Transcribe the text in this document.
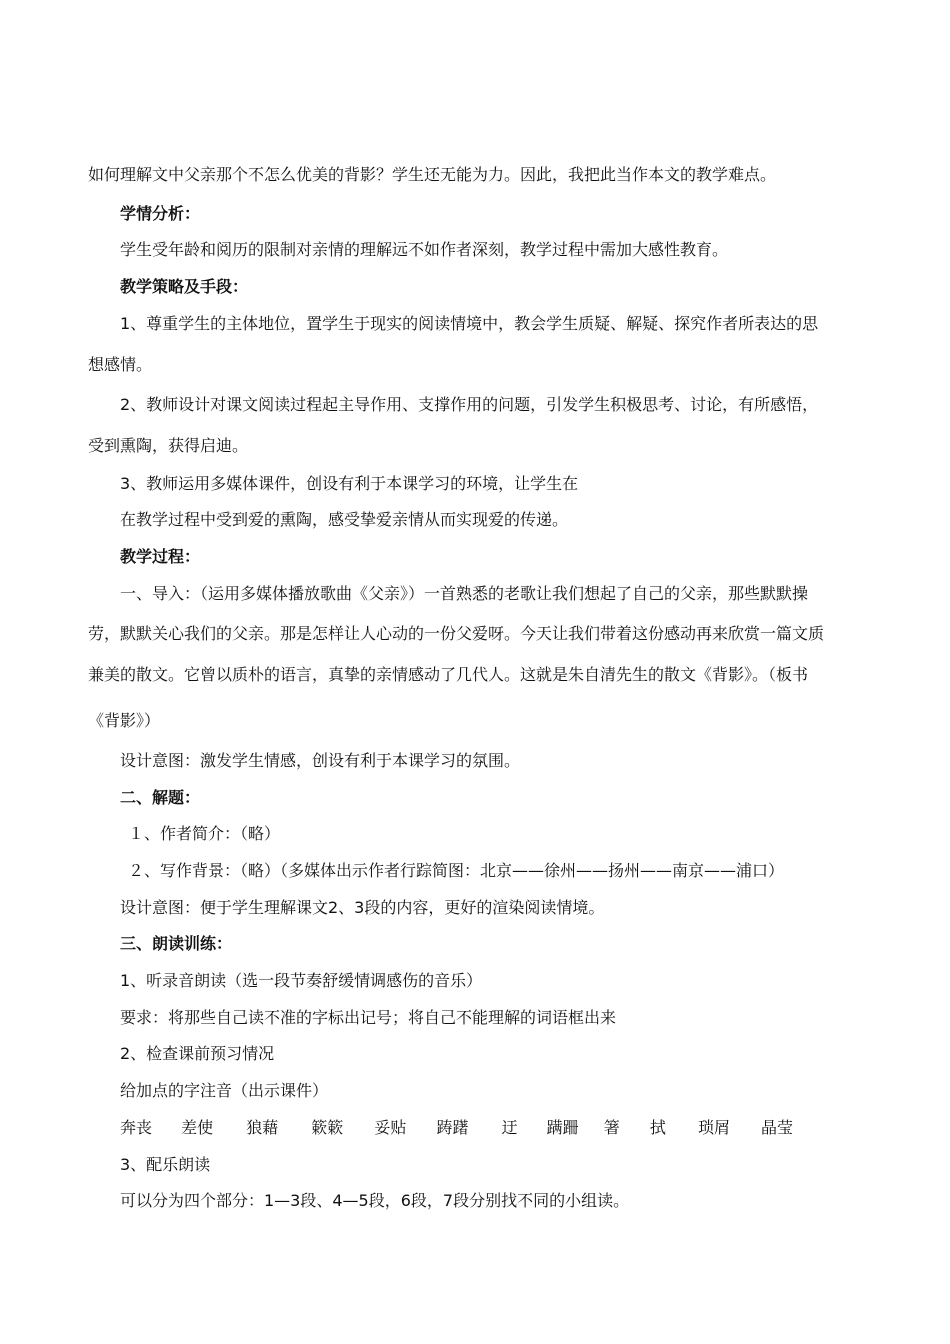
如何理解文中父亲那个不怎么优美的背影？学生还无能为力。因此，我把此当作本文的教学难点。
学情分析：
学生受年龄和阅历的限制对亲情的理解远不如作者深刻，教学过程中需加大感性教育。
教学策略及手段：
1、尊重学生的主体地位，置学生于现实的阅读情境中，教会学生质疑、解疑、探究作者所表达的思
想感情。
2、教师设计对课文阅读过程起主导作用、支撑作用的问题，引发学生积极思考、讨论，有所感悟，
受到熏陶，获得启迪。
3、教师运用多媒体课件，创设有利于本课学习的环境，让学生在
在教学过程中受到爱的熏陶，感受挚爱亲情从而实现爱的传递。
教学过程：
一、导入：（运用多媒体播放歌曲《父亲》）一首熟悉的老歌让我们想起了自己的父亲，那些默默操
劳，默默关心我们的父亲。那是怎样让人心动的一份父爱呀。今天让我们带着这份感动再来欣赏一篇文质
兼美的散文。它曾以质朴的语言，真挚的亲情感动了几代人。这就是朱自清先生的散文《背影》。（板书
《背影》）
设计意图：激发学生情感，创设有利于本课学习的氛围。
二、解题：
１、作者简介：（略）
２、写作背景：（略）（多媒体出示作者行踪简图：北京——徐州——扬州——南京——浦口）
设计意图：便于学生理解课文2、3段的内容，更好的渲染阅读情境。
三、朗读训练：
1、听录音朗读（选一段节奏舒缓情调感伤的音乐）
要求：将那些自己读不准的字标出记号；将自己不能理解的词语框出来
2、检查课前预习情况
给加点的字注音（出示课件）
奔丧 差使 狼藉 簌簌 妥贴 踌躇 迂 蹒跚 箸 拭 琐屑 晶莹
3、配乐朗读
可以分为四个部分：1—3段、4—5段，6段，7段分别找不同的小组读。
